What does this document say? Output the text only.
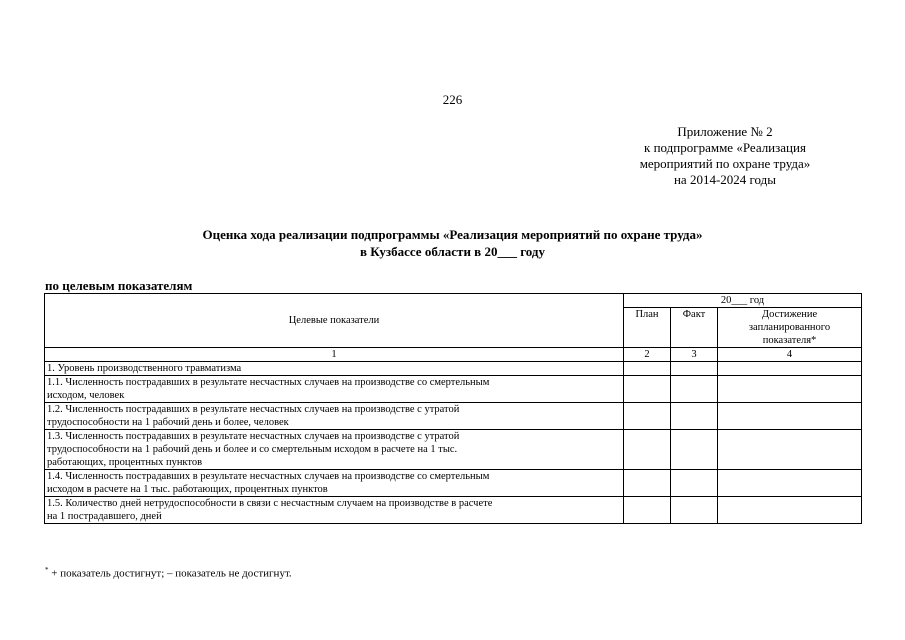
226
Приложение № 2
к подпрограмме «Реализация
мероприятий по охране труда»
на 2014-2024 годы
Оценка хода реализации подпрограммы «Реализация мероприятий по охране труда»
в Кузбассе области в 20___ году
по целевым показателям
Целевые показатели	20___ год		
	План	Факт	Достижение
запланированного
показателя*

1	2	3	4

1. Уровень производственного травматизма			

1.1. Численность пострадавших в результате несчастных случаев на производстве со смертельным
исходом, человек			

1.2. Численность пострадавших в результате несчастных случаев на производстве с утратой
трудоспособности на 1 рабочий день и более, человек			

1.3. Численность пострадавших в результате несчастных случаев на производстве с утратой
трудоспособности на 1 рабочий день и более и со смертельным исходом в расчете на 1 тыс.
работающих, процентных пунктов			

1.4. Численность пострадавших в результате несчастных случаев на производстве со смертельным
исходом в расчете на 1 тыс. работающих, процентных пунктов			

1.5. Количество дней нетрудоспособности в связи с несчастным случаем на производстве в расчете
на 1 пострадавшего, дней			

* + показатель достигнут; – показатель не достигнут.
